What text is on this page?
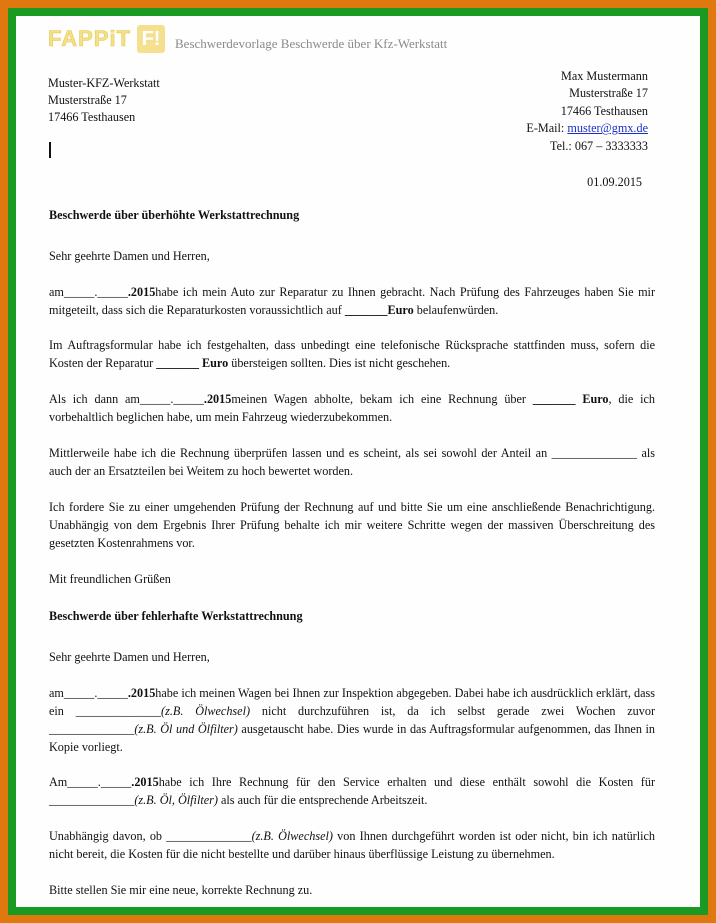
FAPPiT F!	Beschwerdevorlage Beschwerde über Kfz-Werkstatt
Muster-KFZ-Werkstatt
Musterstraße 17
17466 Testhausen
Max Mustermann
Musterstraße 17
17466 Testhausen
E-Mail: muster@gmx.de
Tel.: 067 – 3333333
01.09.2015
Beschwerde über überhöhte Werkstattrechnung
Sehr geehrte Damen und Herren,

am_____._____.2015habe ich mein Auto zur Reparatur zu Ihnen gebracht. Nach Prüfung des Fahrzeuges haben Sie mir mitgeteilt, dass sich die Reparaturkosten voraussichtlich auf _______Euro belaufenwürden.

Im Auftragsformular habe ich festgehalten, dass unbedingt eine telefonische Rücksprache stattfinden muss, sofern die Kosten der Reparatur _______ Euro übersteigen sollten. Dies ist nicht geschehen.

Als ich dann am_____._____.2015meinen Wagen abholte, bekam ich eine Rechnung über _______ Euro, die ich vorbehaltlich beglichen habe, um mein Fahrzeug wiederzubekommen.

Mittlerweile habe ich die Rechnung überprüfen lassen und es scheint, als sei sowohl der Anteil an ______________ als auch der an Ersatzteilen bei Weitem zu hoch bewertet worden.

Ich fordere Sie zu einer umgehenden Prüfung der Rechnung auf und bitte Sie um eine anschließende Benachrichtigung. Unabhängig von dem Ergebnis Ihrer Prüfung behalte ich mir weitere Schritte wegen der massiven Überschreitung des gesetzten Kostenrahmens vor.

Mit freundlichen Grüßen
Beschwerde über fehlerhafte Werkstattrechnung
Sehr geehrte Damen und Herren,

am_____._____.2015habe ich meinen Wagen bei Ihnen zur Inspektion abgegeben. Dabei habe ich ausdrücklich erklärt, dass ein ______________(z.B. Ölwechsel) nicht durchzuführen ist, da ich selbst gerade zwei Wochen zuvor ______________(z.B. Öl und Ölfilter) ausgetauscht habe. Dies wurde in das Auftragsformular aufgenommen, das Ihnen in Kopie vorliegt.

Am_____._____.2015habe ich Ihre Rechnung für den Service erhalten und diese enthält sowohl die Kosten für ______________(z.B. Öl, Ölfilter) als auch für die entsprechende Arbeitszeit.

Unabhängig davon, ob ______________(z.B. Ölwechsel) von Ihnen durchgeführt worden ist oder nicht, bin ich natürlich nicht bereit, die Kosten für die nicht bestellte und darüber hinaus überflüssige Leistung zu übernehmen.

Bitte stellen Sie mir eine neue, korrekte Rechnung zu.
